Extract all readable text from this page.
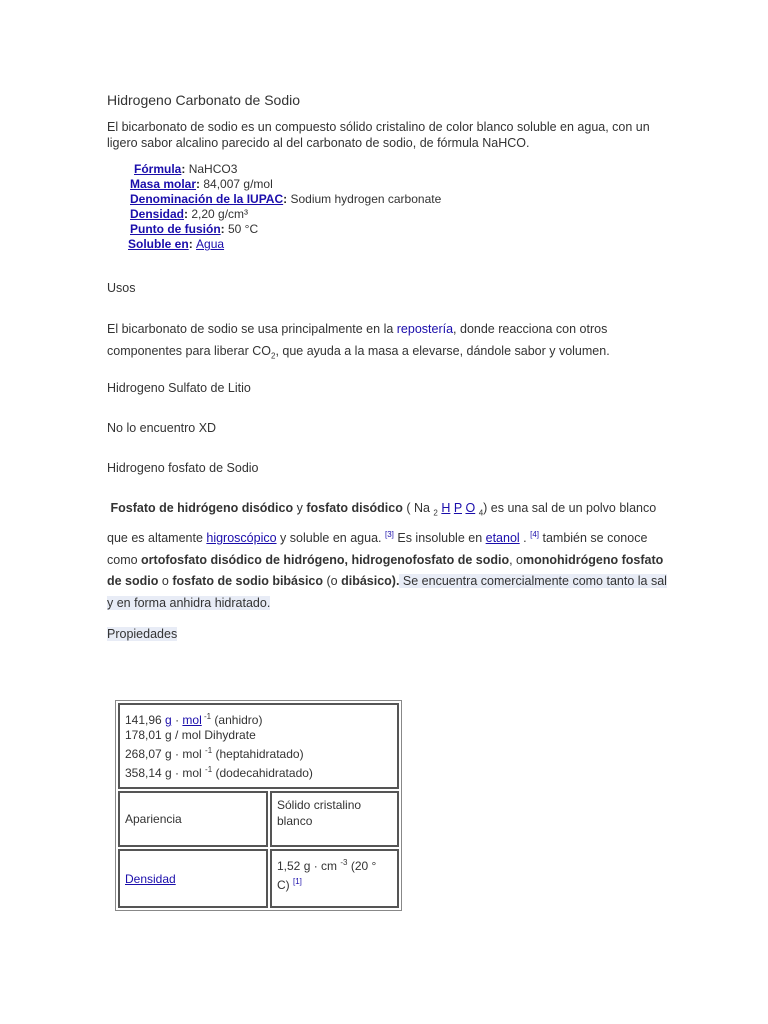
Hidrogeno Carbonato de Sodio
El bicarbonato de sodio es un compuesto sólido cristalino de color blanco soluble en agua, con un ligero sabor alcalino parecido al del carbonato de sodio, de fórmula NaHCO.
Fórmula: NaHCO3
Masa molar: 84,007 g/mol
Denominación de la IUPAC: Sodium hydrogen carbonate
Densidad: 2,20 g/cm³
Punto de fusión: 50 °C
Soluble en: Agua
Usos
El bicarbonato de sodio se usa principalmente en la repostería, donde reacciona con otros componentes para liberar $CO_2$, que ayuda a la masa a elevarse, dándole sabor y volumen.
Hidrogeno Sulfato de Litio
No lo encuentro XD
Hidrogeno fosfato de Sodio
Fosfato de hidrógeno disódico y fosfato disódico ( Na $_2$ H P O $_4$) es una sal de un polvo blanco que es altamente higroscópico y soluble en agua. [3] Es insoluble en etanol . [4] también se conoce como ortofosfato disódico de hidrógeno, hidrogenofosfato de sodio, omonohidrógeno fosfato de sodio o fosfato de sodio bibásico (o dibásico). Se encuentra comercialmente como tanto la sal y en forma anhidra hidratado.
Propiedades
141,96 g · mol $^{-1}$ (anhidro)
178,01 g / mol Dihydrate
268,07 g · mol $^{-1}$ (heptahidratado)
358,14 g · mol $^{-1}$ (dodecahidratado)	

Apariencia	Sólido cristalino blanco
Densidad	1,52 g · cm $^{-3}$ (20 ° C) [1]
